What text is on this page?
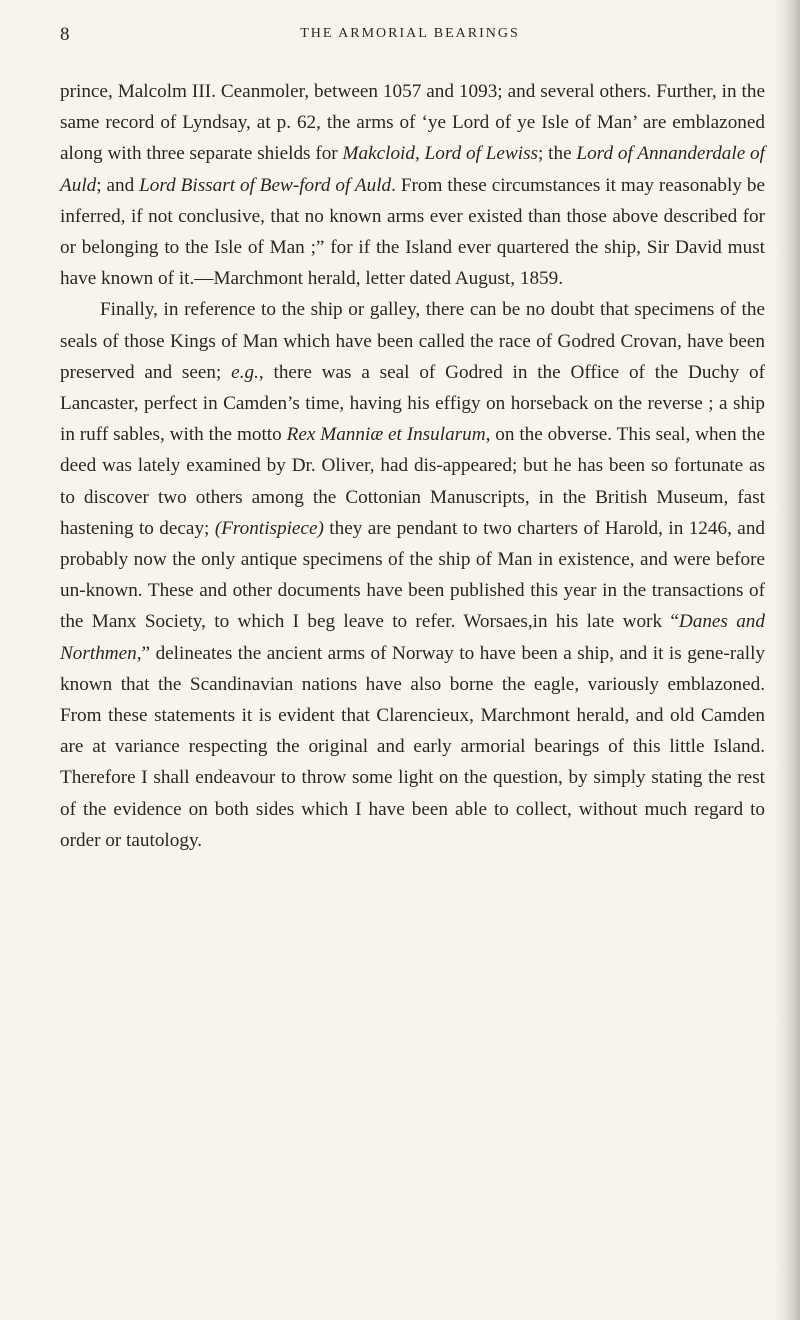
8	THE ARMORIAL BEARINGS

prince, Malcolm III. Ceanmoler, between 1057 and 1093; and several others. Further, in the same record of Lyndsay, at p. 62, the arms of ‘ye Lord of ye Isle of Man’ are emblazoned along with three separate shields for Makcloid, Lord of Lewiss; the Lord of Annanderdale of Auld; and Lord Bissart of Bew-ford of Auld. From these circumstances it may reasonably be inferred, if not conclusive, that no known arms ever existed than those above described for or belonging to the Isle of Man ;” for if the Island ever quartered the ship, Sir David must have known of it.—Marchmont herald, letter dated August, 1859.

Finally, in reference to the ship or galley, there can be no doubt that specimens of the seals of those Kings of Man which have been called the race of Godred Crovan, have been preserved and seen; e.g., there was a seal of Godred in the Office of the Duchy of Lancaster, perfect in Camden’s time, having his effigy on horseback on the reverse ; a ship in ruff sables, with the motto Rex Manniæ et Insularum, on the obverse. This seal, when the deed was lately examined by Dr. Oliver, had dis-appeared; but he has been so fortunate as to discover two others among the Cottonian Manuscripts, in the British Museum, fast hastening to decay; (Frontispiece) they are pendant to two charters of Harold, in 1246, and probably now the only antique specimens of the ship of Man in existence, and were before un-known. These and other documents have been published this year in the transactions of the Manx Society, to which I beg leave to refer. Worsaes,in his late work “Danes and Northmen,” delineates the ancient arms of Norway to have been a ship, and it is gene-rally known that the Scandinavian nations have also borne the eagle, variously emblazoned. From these statements it is evident that Clarencieux, Marchmont herald, and old Camden are at variance respecting the original and early armorial bearings of this little Island. Therefore I shall endeavour to throw some light on the question, by simply stating the rest of the evidence on both sides which I have been able to collect, without much regard to order or tautology.
